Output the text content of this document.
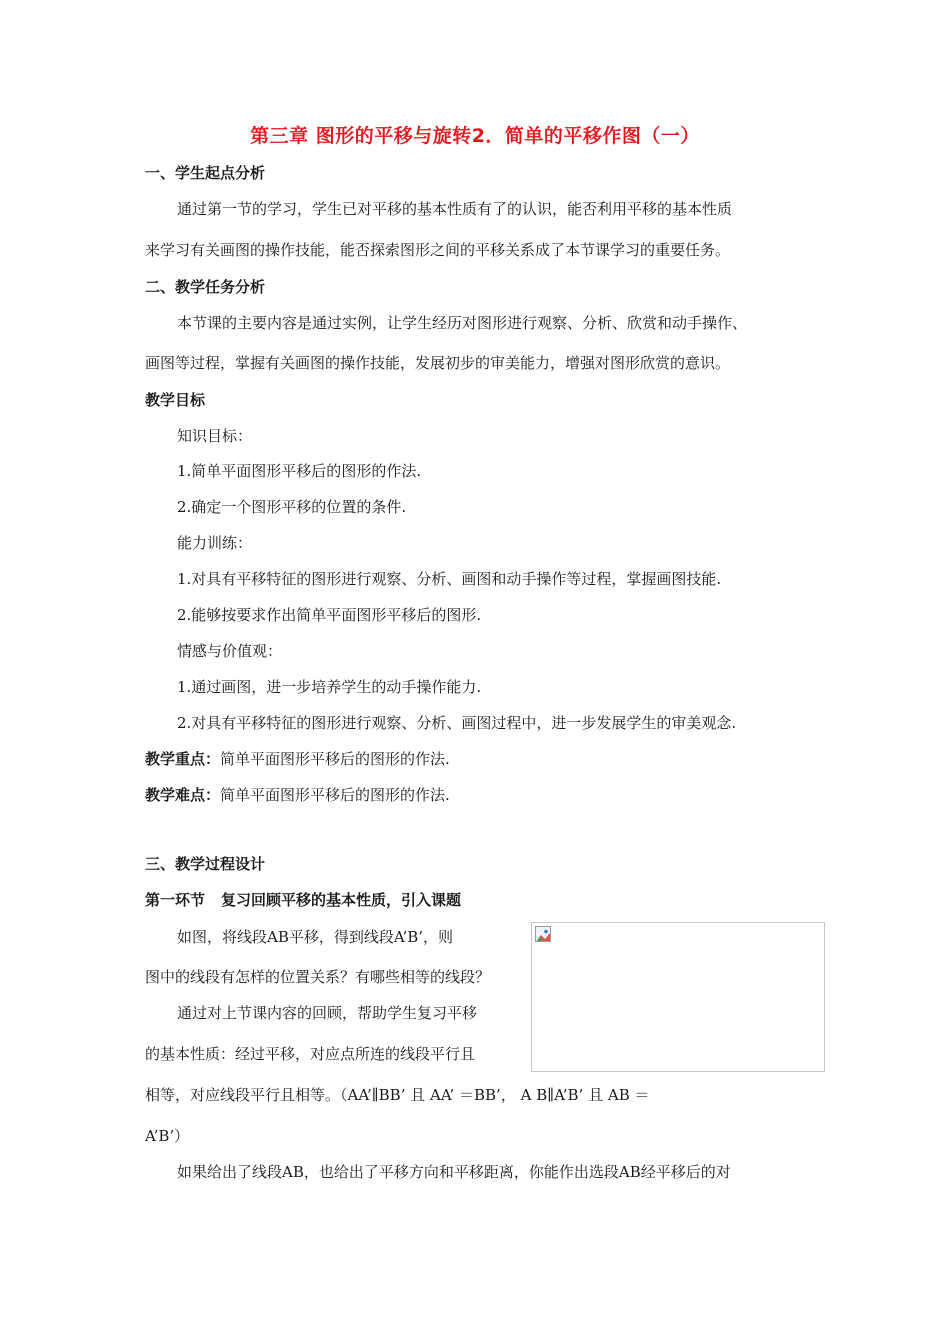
第三章 图形的平移与旋转2．简单的平移作图（一）
一、学生起点分析
通过第一节的学习，学生已对平移的基本性质有了的认识，能否利用平移的基本性质
来学习有关画图的操作技能，能否探索图形之间的平移关系成了本节课学习的重要任务。
二、教学任务分析
本节课的主要内容是通过实例，让学生经历对图形进行观察、分析、欣赏和动手操作、
画图等过程，掌握有关画图的操作技能，发展初步的审美能力，增强对图形欣赏的意识。
教学目标
知识目标：
1.简单平面图形平移后的图形的作法.
2.确定一个图形平移的位置的条件.
能力训练：
1.对具有平移特征的图形进行观察、分析、画图和动手操作等过程，掌握画图技能.
2.能够按要求作出简单平面图形平移后的图形.
情感与价值观：
1.通过画图，进一步培养学生的动手操作能力.
2.对具有平移特征的图形进行观察、分析、画图过程中，进一步发展学生的审美观念.
教学重点：简单平面图形平移后的图形的作法.
教学难点：简单平面图形平移后的图形的作法.
三、教学过程设计
第一环节 复习回顾平移的基本性质，引入课题
如图，将线段AB平移，得到线段A’B’，则
图中的线段有怎样的位置关系？有哪些相等的线段？
通过对上节课内容的回顾，帮助学生复习平移
的基本性质：经过平移，对应点所连的线段平行且
相等，对应线段平行且相等。（AA’∥BB’ 且 AA’ ＝BB’， A B∥A’B’ 且 AB ＝
A’B’）
如果给出了线段AB，也给出了平移方向和平移距离，你能作出选段AB经平移后的对
